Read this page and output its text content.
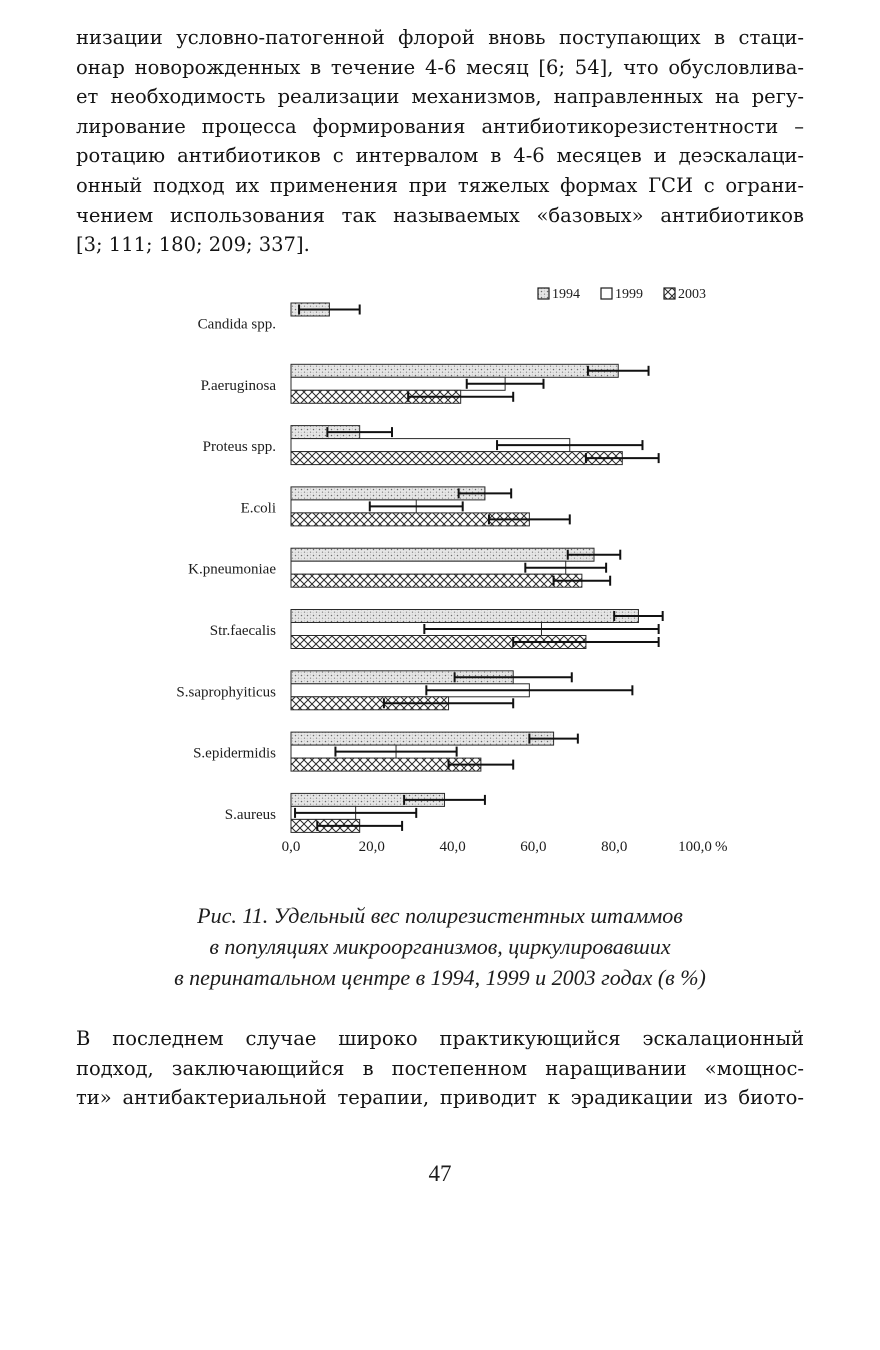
низации условно-патогенной флорой вновь поступающих в стаци-
онар новорожденных в течение 4-6 месяц [6; 54], что обусловлива-
ет необходимость реализации механизмов, направленных на регу-
лирование процесса формирования антибиотикорезистентности –
ротацию антибиотиков с интервалом в 4-6 месяцев и деэскалаци-
онный подход их применения при тяжелых формах ГСИ с ограни-
чением использования так называемых «базовых» антибиотиков
[3; 111; 180; 209; 337].

Candida spp.
P.aeruginosa
Proteus spp.
E.coli
K.pneumoniae
Str.faecalis
S.saprophyiticus
S.epidermidis
S.aureus
0,0	20,0	40,0	60,0	80,0	100,0 %
1994	1999	2003
Рис. 11. Удельный вес полирезистентных штаммов
в популяциях микроорганизмов, циркулировавших
в перинатальном центре в 1994, 1999 и 2003 годах (в %)

В последнем случае широко практикующийся эскалационный
подход, заключающийся в постепенном наращивании «мощнос-
ти» антибактериальной терапии, приводит к эрадикации из биото-

47
